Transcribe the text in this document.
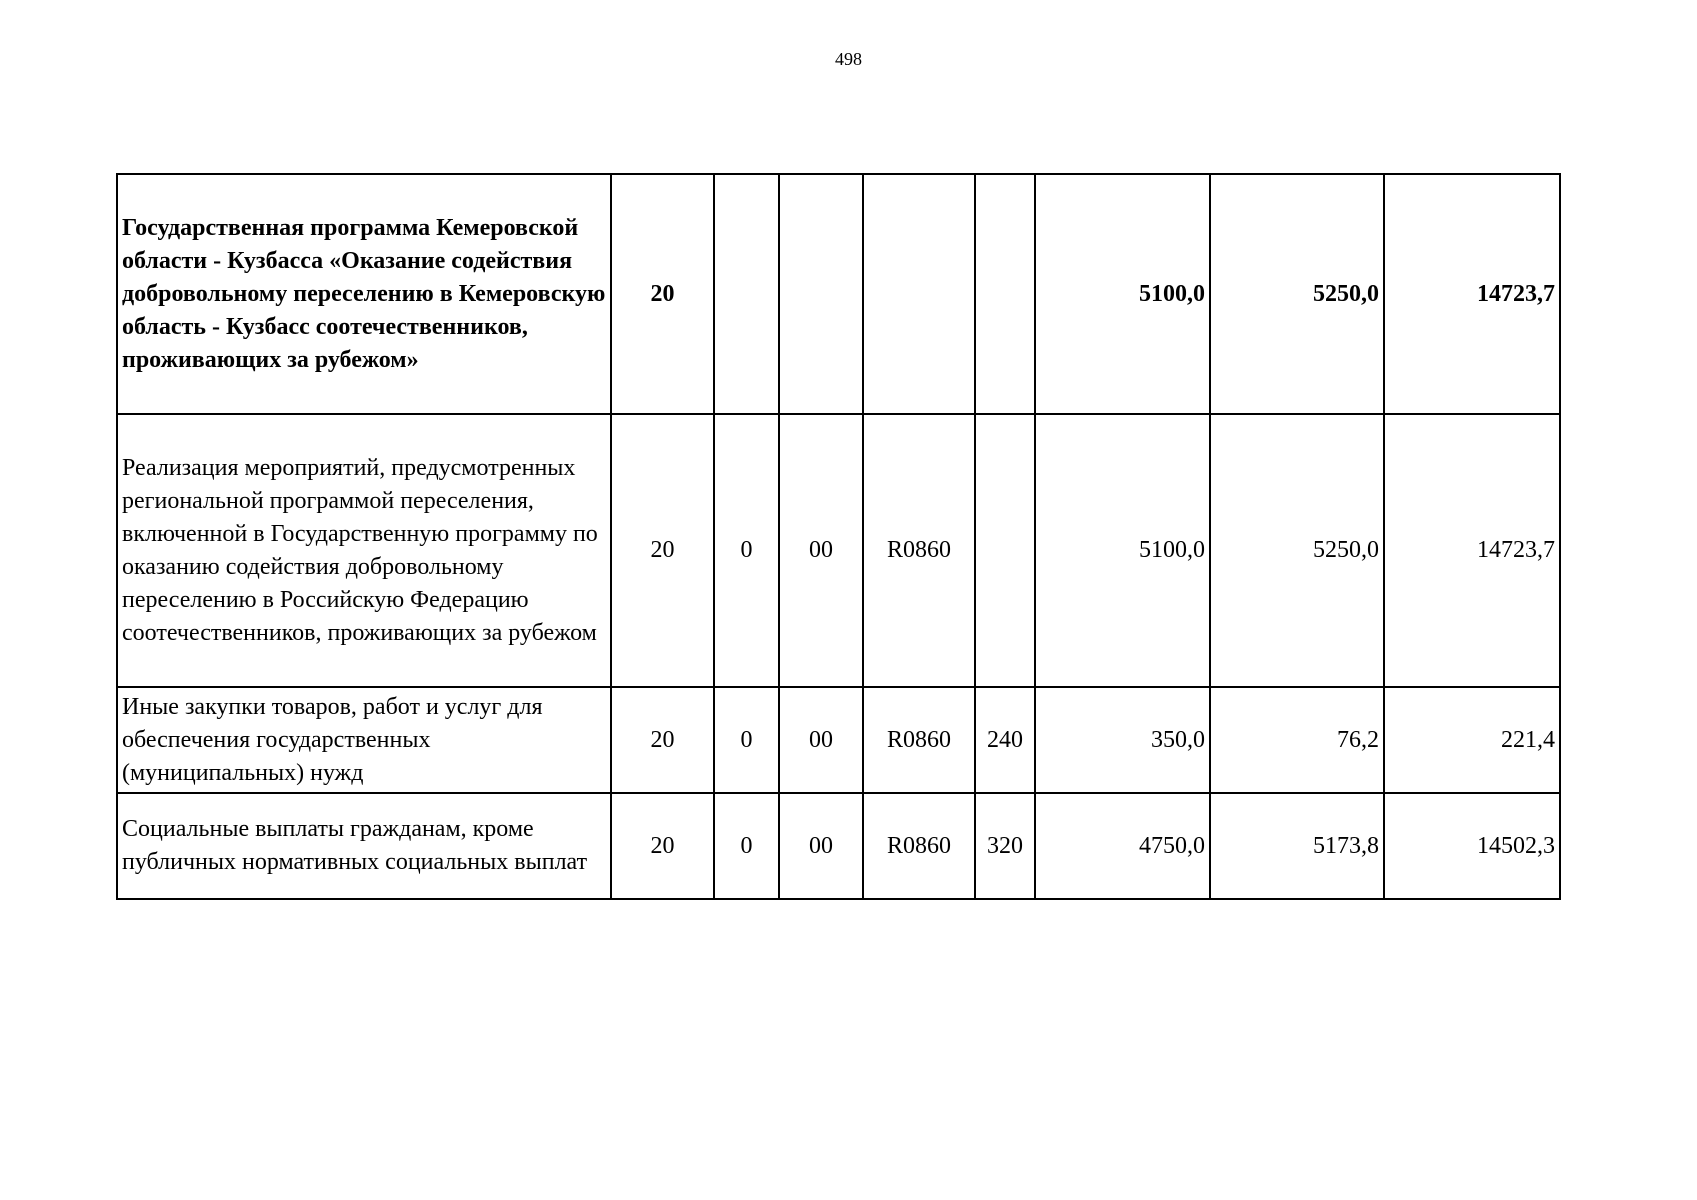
498
Государственная программа Кемеровской области - Кузбасса «Оказание содействия добровольному переселению в Кемеровскую область - Кузбасс соотечественников, проживающих за рубежом»	20					5100,0	5250,0	14723,7
Реализация мероприятий, предусмотренных региональной программой переселения, включенной в Государственную программу по оказанию содействия добровольному переселению в Российскую Федерацию соотечественников, проживающих за рубежом	20	0	00	R0860		5100,0	5250,0	14723,7
Иные закупки товаров, работ и услуг для обеспечения государственных (муниципальных) нужд	20	0	00	R0860	240	350,0	76,2	221,4
Социальные выплаты гражданам, кроме публичных нормативных социальных выплат	20	0	00	R0860	320	4750,0	5173,8	14502,3
